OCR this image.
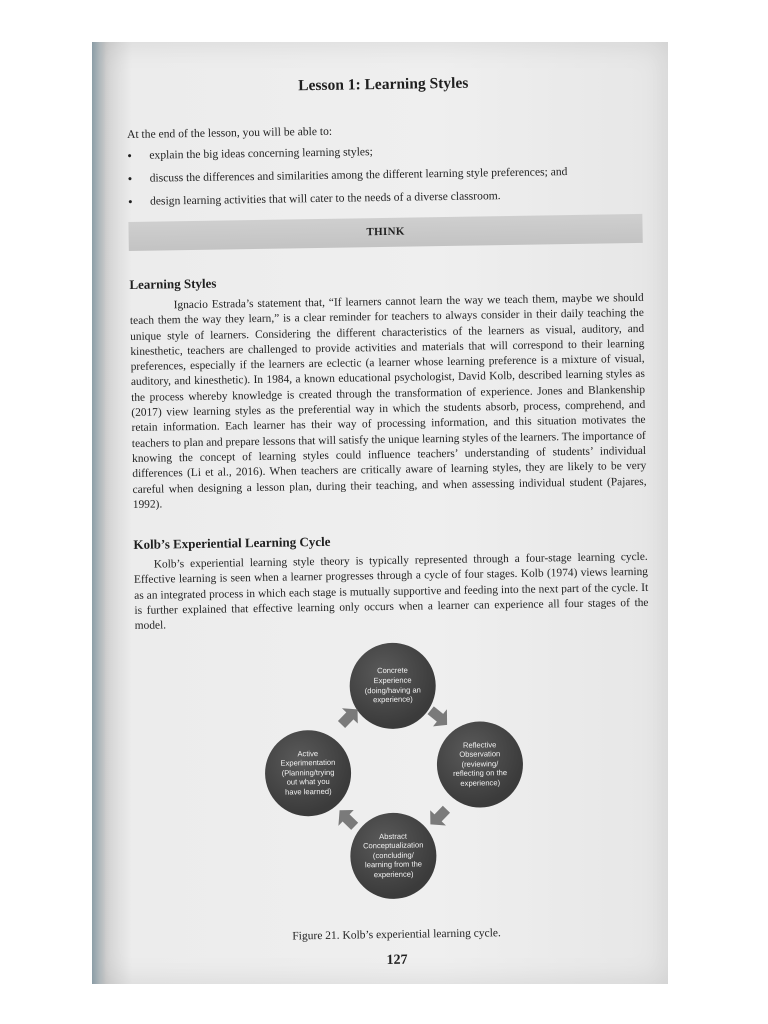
Lesson 1: Learning Styles

At the end of the lesson, you will be able to:

• explain the big ideas concerning learning styles;
• discuss the differences and similarities among the different learning style preferences; and
• design learning activities that will cater to the needs of a diverse classroom.
THINK
Learning Styles

Ignacio Estrada’s statement that, “If learners cannot learn the way we teach them, maybe we should teach them the way they learn,” is a clear reminder for teachers to always consider in their daily teaching the unique style of learners. Considering the different characteristics of the learners as visual, auditory, and kinesthetic, teachers are challenged to provide activities and materials that will correspond to their learning preferences, especially if the learners are eclectic (a learner whose learning preference is a mixture of visual, auditory, and kinesthetic). In 1984, a known educational psychologist, David Kolb, described learning styles as the process whereby knowledge is created through the transformation of experience. Jones and Blankenship (2017) view learning styles as the preferential way in which the students absorb, process, comprehend, and retain information. Each learner has their way of processing information, and this situation motivates the teachers to plan and prepare lessons that will satisfy the unique learning styles of the learners. The importance of knowing the concept of learning styles could influence teachers’ understanding of students’ individual differences (Li et al., 2016). When teachers are critically aware of learning styles, they are likely to be very careful when designing a lesson plan, during their teaching, and when assessing individual student (Pajares, 1992).

Kolb’s Experiential Learning Cycle

Kolb’s experiential learning style theory is typically represented through a four-stage learning cycle. Effective learning is seen when a learner progresses through a cycle of four stages. Kolb (1974) views learning as an integrated process in which each stage is mutually supportive and feeding into the next part of the cycle. It is further explained that effective learning only occurs when a learner can experience all four stages of the model.

Concrete
Experience
(doing/having an
experience)
Reflective
Observation
(reviewing/
reflecting on the
experience)
Abstract
Conceptualization
(concluding/
learning from the
experience)
Active
Experimentation
(Planning/trying
out what you
have learned)
Figure 21. Kolb’s experiential learning cycle.
127
